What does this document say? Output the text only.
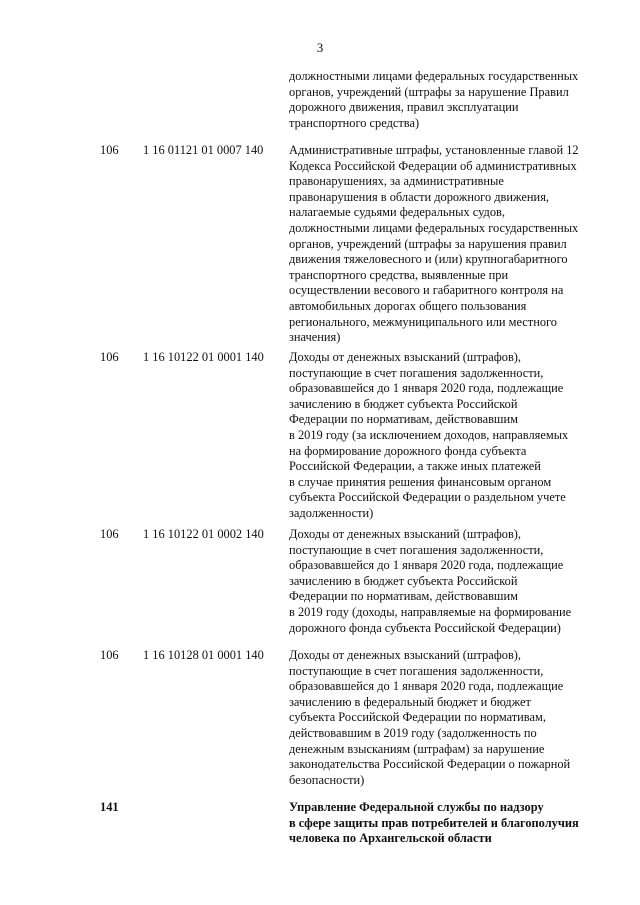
3
должностными лицами федеральных государственных
органов, учреждений (штрафы за нарушение Правил
дорожного движения, правил эксплуатации
транспортного средства)
106 1 16 01121 01 0007 140 Административные штрафы, установленные главой 12
Кодекса Российской Федерации об административных
правонарушениях, за административные
правонарушения в области дорожного движения,
налагаемые судьями федеральных судов,
должностными лицами федеральных государственных
органов, учреждений (штрафы за нарушения правил
движения тяжеловесного и (или) крупногабаритного
транспортного средства, выявленные при
осуществлении весового и габаритного контроля на
автомобильных дорогах общего пользования
регионального, межмуниципального или местного
значения)
106 1 16 10122 01 0001 140 Доходы от денежных взысканий (штрафов),
поступающие в счет погашения задолженности,
образовавшейся до 1 января 2020 года, подлежащие
зачислению в бюджет субъекта Российской
Федерации по нормативам, действовавшим
в 2019 году (за исключением доходов, направляемых
на формирование дорожного фонда субъекта
Российской Федерации, а также иных платежей
в случае принятия решения финансовым органом
субъекта Российской Федерации о раздельном учете
задолженности)
106 1 16 10122 01 0002 140 Доходы от денежных взысканий (штрафов),
поступающие в счет погашения задолженности,
образовавшейся до 1 января 2020 года, подлежащие
зачислению в бюджет субъекта Российской
Федерации по нормативам, действовавшим
в 2019 году (доходы, направляемые на формирование
дорожного фонда субъекта Российской Федерации)
106 1 16 10128 01 0001 140 Доходы от денежных взысканий (штрафов),
поступающие в счет погашения задолженности,
образовавшейся до 1 января 2020 года, подлежащие
зачислению в федеральный бюджет и бюджет
субъекта Российской Федерации по нормативам,
действовавшим в 2019 году (задолженность по
денежным взысканиям (штрафам) за нарушение
законодательства Российской Федерации о пожарной
безопасности)
141	Управление Федеральной службы по надзору
в сфере защиты прав потребителей и благополучия
человека по Архангельской области
